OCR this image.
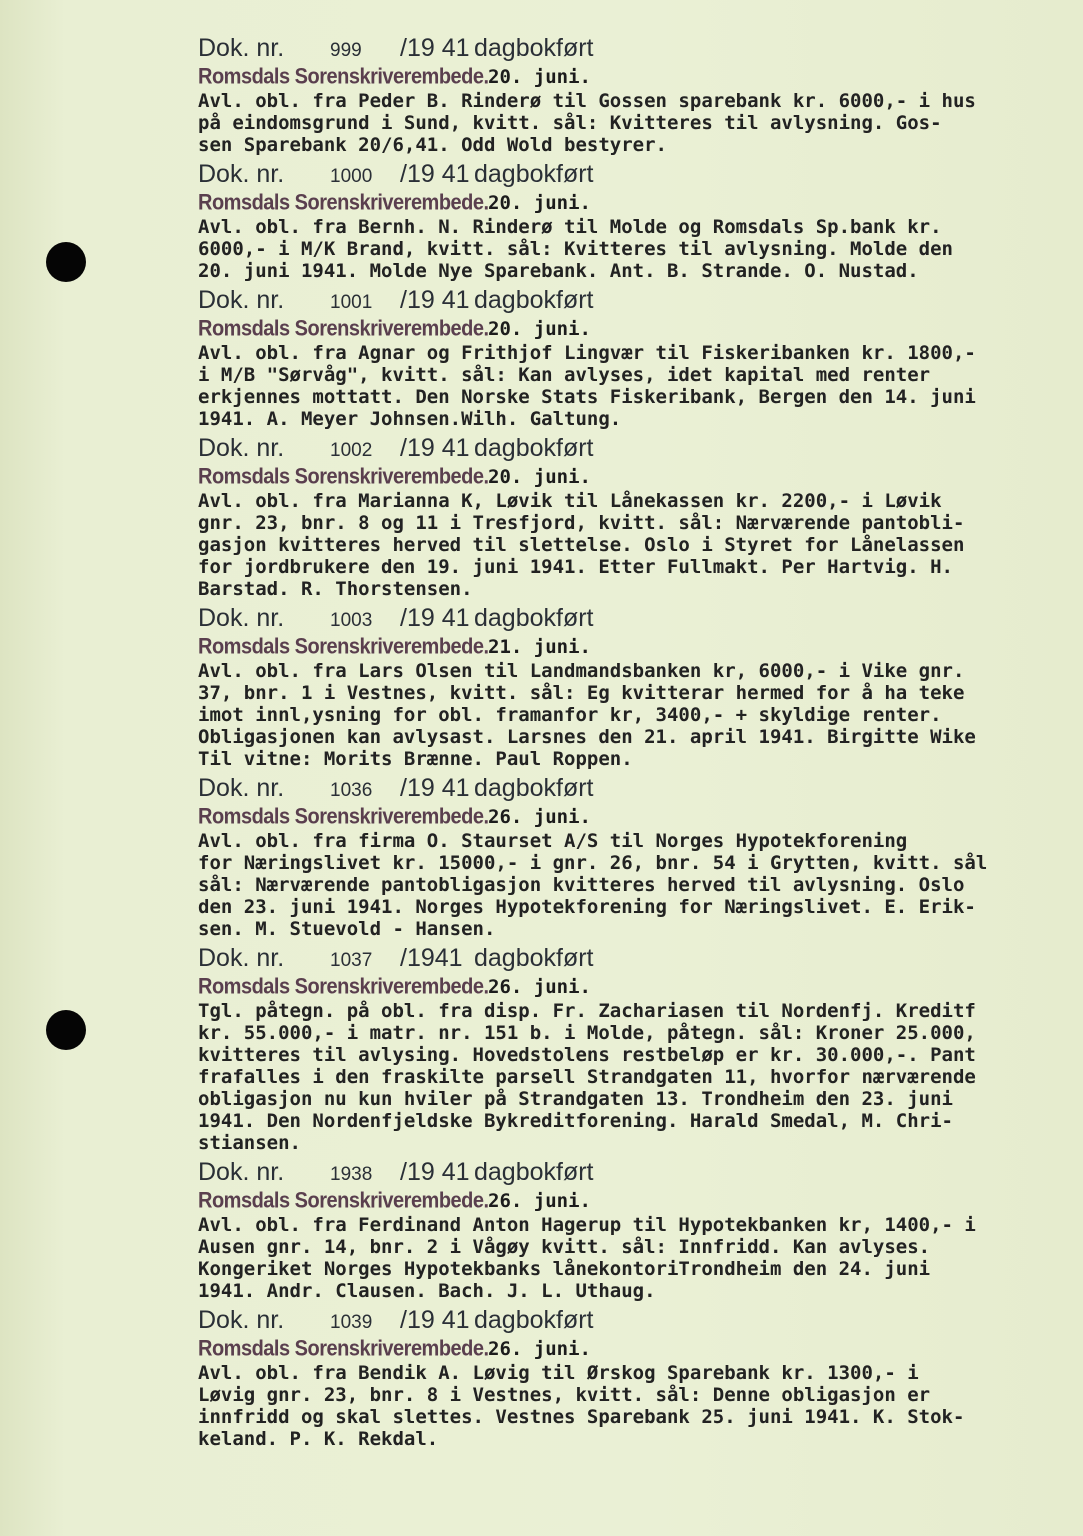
Dok. nr.	999	/19 41 dagbokført
Romsdals Sorenskriverembede. 20. juni.
Avl. obl. fra Peder B. Rinderø til Gossen sparebank kr. 6000,- i hus
på eindomsgrund i Sund, kvitt. sål: Kvitteres til avlysning. Gos-
sen Sparebank 20/6,41. Odd Wold bestyrer.
Dok. nr.	1000	/19 41 dagbokført
Romsdals Sorenskriverembede. 20. juni.
Avl. obl. fra Bernh. N. Rinderø til Molde og Romsdals Sp.bank kr.
6000,- i M/K Brand, kvitt. sål: Kvitteres til avlysning. Molde den
20. juni 1941. Molde Nye Sparebank. Ant. B. Strande. O. Nustad.
Dok. nr.	1001	/19 41 dagbokført
Romsdals Sorenskriverembede. 20. juni.
Avl. obl. fra Agnar og Frithjof Lingvær til Fiskeribanken kr. 1800,-
i M/B "Sørvåg", kvitt. sål: Kan avlyses, idet kapital med renter
erkjennes mottatt. Den Norske Stats Fiskeribank, Bergen den 14. juni
1941. A. Meyer Johnsen.Wilh. Galtung.
Dok. nr.	1002	/19 41 dagbokført
Romsdals Sorenskriverembede. 20. juni.
Avl. obl. fra Marianna K, Løvik til Lånekassen kr. 2200,- i Løvik
gnr. 23, bnr. 8 og 11 i Tresfjord, kvitt. sål: Nærværende pantobli-
gasjon kvitteres herved til slettelse. Oslo i Styret for Lånelassen
for jordbrukere den 19. juni 1941. Etter Fullmakt. Per Hartvig. H.
Barstad. R. Thorstensen.
Dok. nr.	1003	/19 41 dagbokført
Romsdals Sorenskriverembede. 21. juni.
Avl. obl. fra Lars Olsen til Landmandsbanken kr, 6000,- i Vike gnr.
37, bnr. 1 i Vestnes, kvitt. sål: Eg kvitterar hermed for å ha teke
imot innl,ysning for obl. framanfor kr, 3400,- + skyldige renter.
Obligasjonen kan avlysast. Larsnes den 21. april 1941. Birgitte Wike
Til vitne: Morits Brænne. Paul Roppen.
Dok. nr.	1036	/19 41 dagbokført
Romsdals Sorenskriverembede. 26. juni.
Avl. obl. fra firma O. Staurset A/S til Norges Hypotekforening
for Næringslivet kr. 15000,- i gnr. 26, bnr. 54 i Grytten, kvitt. sål
sål: Nærværende pantobligasjon kvitteres herved til avlysning. Oslo
den 23. juni 1941. Norges Hypotekforening for Næringslivet. E. Erik-
sen. M. Stuevold - Hansen.
Dok. nr.	1037	/1941 dagbokført
Romsdals Sorenskriverembede. 26. juni.
Tgl. påtegn. på obl. fra disp. Fr. Zachariasen til Nordenfj. Kreditf
kr. 55.000,- i matr. nr. 151 b. i Molde, påtegn. sål: Kroner 25.000,
kvitteres til avlysing. Hovedstolens restbeløp er kr. 30.000,-. Pant
frafalles i den fraskilte parsell Strandgaten 11, hvorfor nærværende
obligasjon nu kun hviler på Strandgaten 13. Trondheim den 23. juni
1941. Den Nordenfjeldske Bykreditforening. Harald Smedal, M. Chri-
stiansen.
Dok. nr.	1938	/19 41 dagbokført
Romsdals Sorenskriverembede. 26. juni.
Avl. obl. fra Ferdinand Anton Hagerup til Hypotekbanken kr, 1400,- i
Ausen gnr. 14, bnr. 2 i Vågøy kvitt. sål: Innfridd. Kan avlyses.
Kongeriket Norges Hypotekbanks lånekontoriTrondheim den 24. juni
1941. Andr. Clausen. Bach. J. L. Uthaug.
Dok. nr.	1039	/19 41 dagbokført
Romsdals Sorenskriverembede. 26. juni.
Avl. obl. fra Bendik A. Løvig til Ørskog Sparebank kr. 1300,- i
Løvig gnr. 23, bnr. 8 i Vestnes, kvitt. sål: Denne obligasjon er
innfridd og skal slettes. Vestnes Sparebank 25. juni 1941. K. Stok-
keland. P. K. Rekdal.
